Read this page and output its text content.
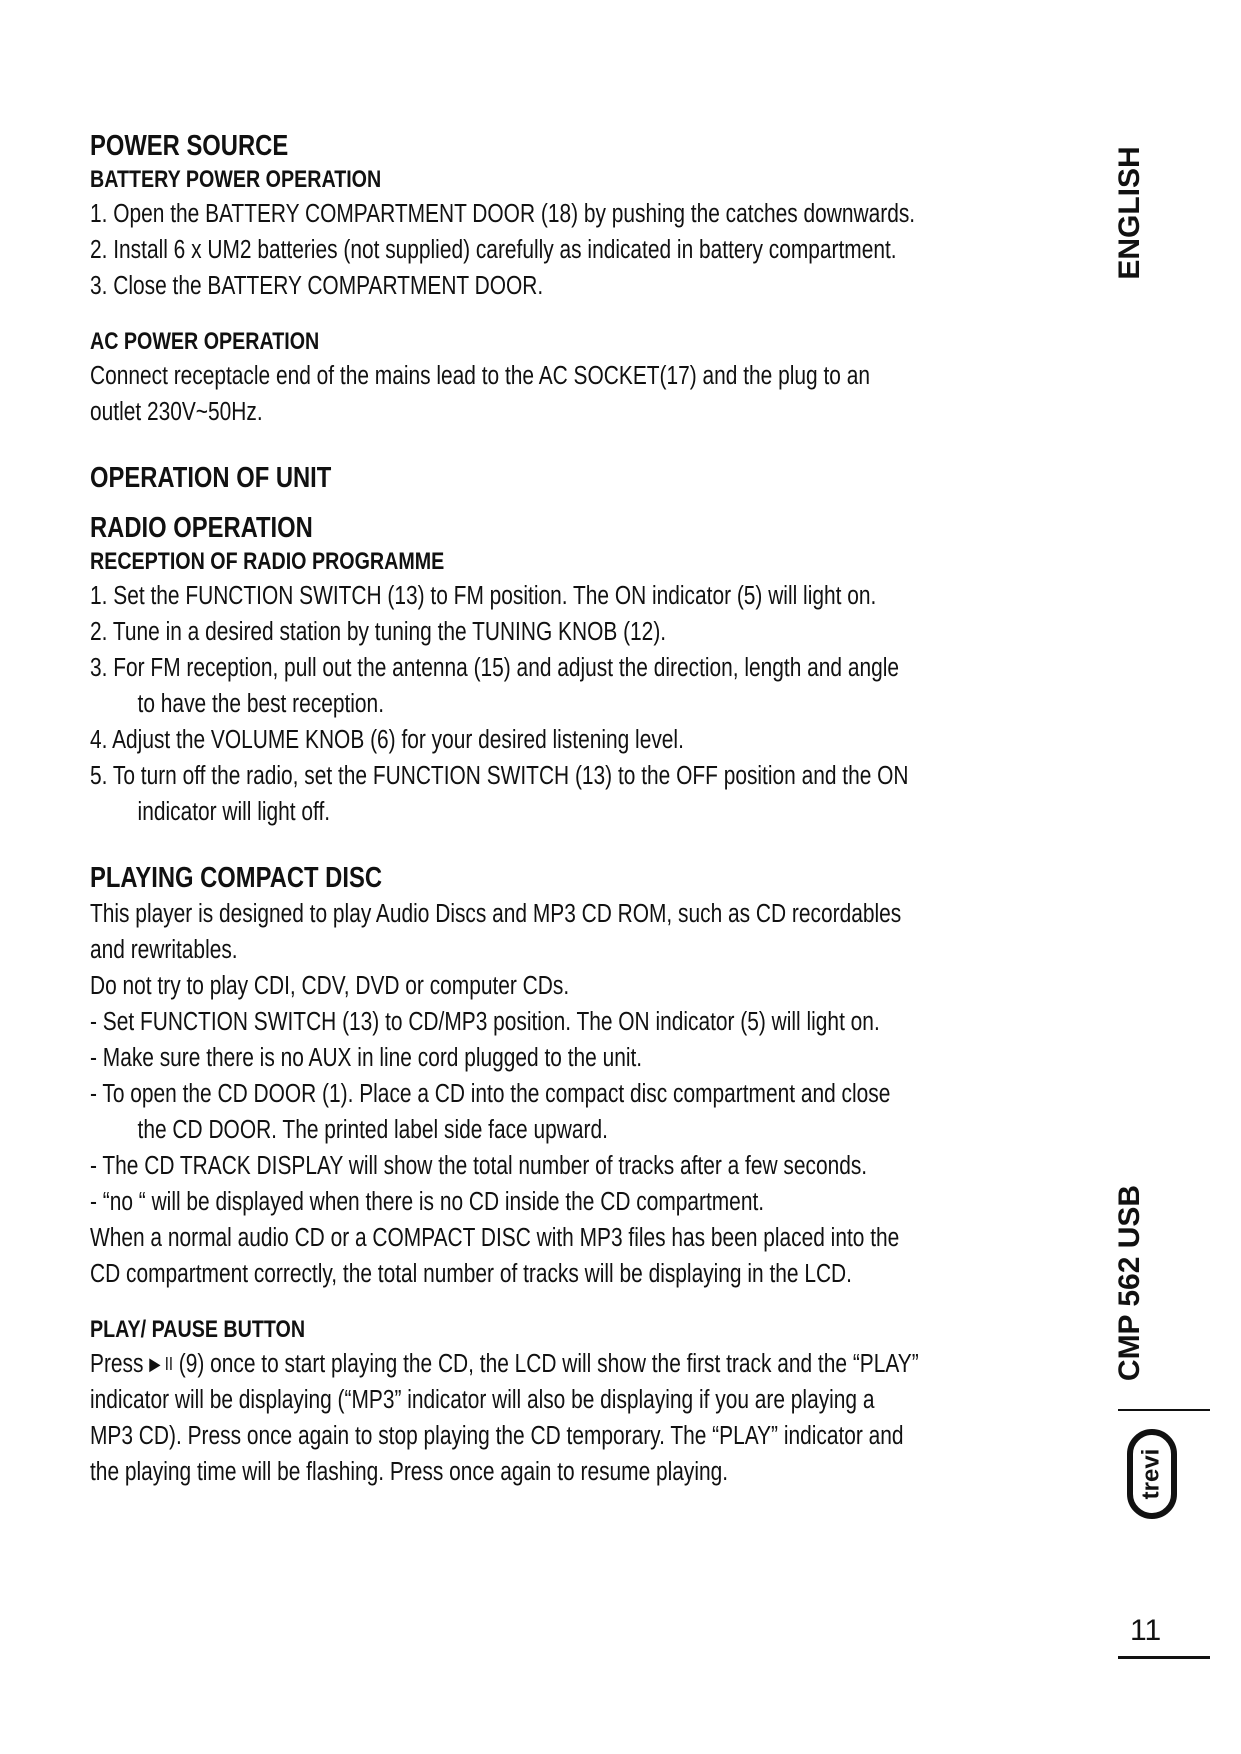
POWER SOURCE
BATTERY POWER OPERATION
1. Open the BATTERY COMPARTMENT DOOR (18) by pushing the catches downwards.
2. Install 6 x UM2 batteries (not supplied) carefully as indicated in battery compartment.
3. Close the BATTERY COMPARTMENT DOOR.
AC POWER OPERATION
Connect receptacle end of the mains lead to the AC SOCKET(17) and the plug to an
outlet 230V~50Hz.
OPERATION OF UNIT
RADIO OPERATION
RECEPTION OF RADIO PROGRAMME
1. Set the FUNCTION SWITCH (13) to FM position. The ON indicator (5) will light on.
2. Tune in a desired station by tuning the TUNING KNOB (12).
3. For FM reception, pull out the antenna (15) and adjust the direction, length and angle
to have the best reception.
4. Adjust the VOLUME KNOB (6) for your desired listening level.
5. To turn off the radio, set the FUNCTION SWITCH (13) to the OFF position and the ON
indicator will light off.
PLAYING COMPACT DISC
This player is designed to play Audio Discs and MP3 CD ROM, such as CD recordables
and rewritables.
Do not try to play CDI, CDV, DVD or computer CDs.
- Set FUNCTION SWITCH (13) to CD/MP3 position. The ON indicator (5) will light on.
- Make sure there is no AUX in line cord plugged to the unit.
- To open the CD DOOR (1). Place a CD into the compact disc compartment and close
the CD DOOR. The printed label side face upward.
- The CD TRACK DISPLAY will show the total number of tracks after a few seconds.
- “no “ will be displayed when there is no CD inside the CD compartment.
When a normal audio CD or a COMPACT DISC with MP3 files has been placed into the
CD compartment correctly, the total number of tracks will be displaying in the LCD.
PLAY/ PAUSE BUTTON
Press ▶ II (9) once to start playing the CD, the LCD will show the first track and the “PLAY”
indicator will be displaying (“MP3” indicator will also be displaying if you are playing a
MP3 CD). Press once again to stop playing the CD temporary. The “PLAY” indicator and
the playing time will be flashing. Press once again to resume playing.
ENGLISH
CMP 562 USB
trevi
11
